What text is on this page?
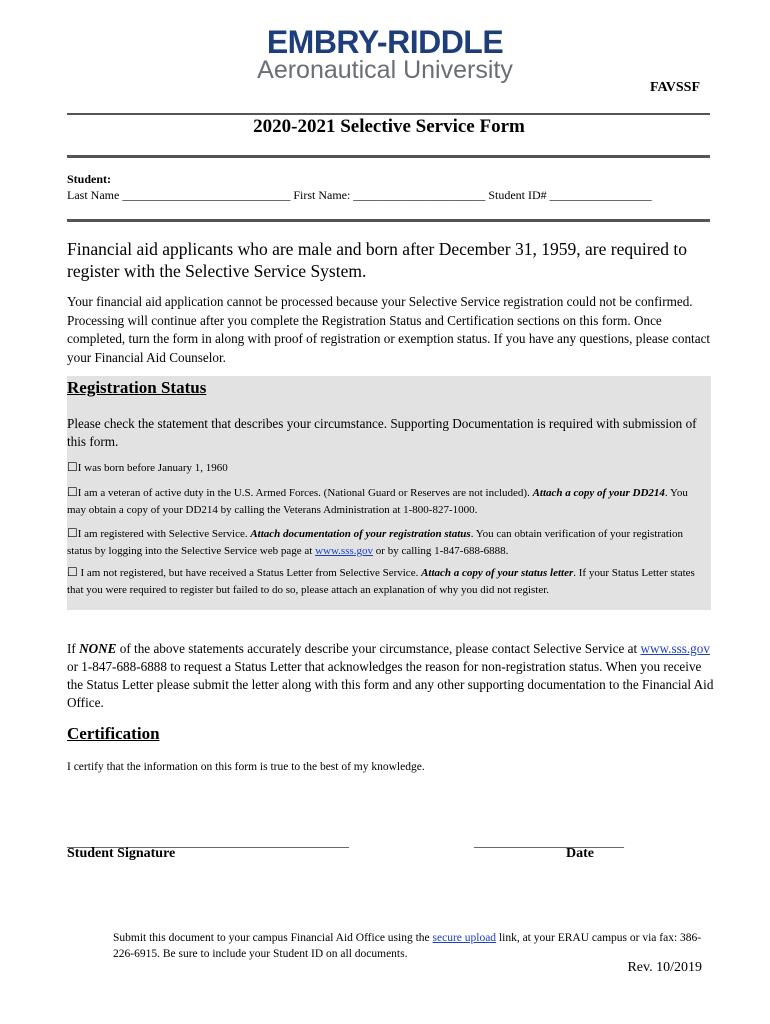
EMBRY-RIDDLE
Aeronautical University
FAVSSF
2020-2021 Selective Service Form
Student:
Last Name ____________________________ First Name: ______________________ Student ID# _________________
Financial aid applicants who are male and born after December 31, 1959, are required to register with the Selective Service System.
Your financial aid application cannot be processed because your Selective Service registration could not be confirmed. Processing will continue after you complete the Registration Status and Certification sections on this form. Once completed, turn the form in along with proof of registration or exemption status. If you have any questions, please contact your Financial Aid Counselor.
Registration Status
Please check the statement that describes your circumstance. Supporting Documentation is required with submission of this form.
☐I was born before January 1, 1960
☐I am a veteran of active duty in the U.S. Armed Forces. (National Guard or Reserves are not included). Attach a copy of your DD214. You may obtain a copy of your DD214 by calling the Veterans Administration at 1-800-827-1000.
☐I am registered with Selective Service. Attach documentation of your registration status. You can obtain verification of your registration status by logging into the Selective Service web page at www.sss.gov or by calling 1-847-688-6888.
☐ I am not registered, but have received a Status Letter from Selective Service. Attach a copy of your status letter. If your Status Letter states that you were required to register but failed to do so, please attach an explanation of why you did not register.
If NONE of the above statements accurately describe your circumstance, please contact Selective Service at www.sss.gov or 1-847-688-6888 to request a Status Letter that acknowledges the reason for non-registration status. When you receive the Status Letter please submit the letter along with this form and any other supporting documentation to the Financial Aid Office.
Certification
I certify that the information on this form is true to the best of my knowledge.
_______________________________________________	_________________________
Student Signature	Date
Submit this document to your campus Financial Aid Office using the secure upload link, at your ERAU campus or via fax: 386-226-6915. Be sure to include your Student ID on all documents.
Rev. 10/2019
